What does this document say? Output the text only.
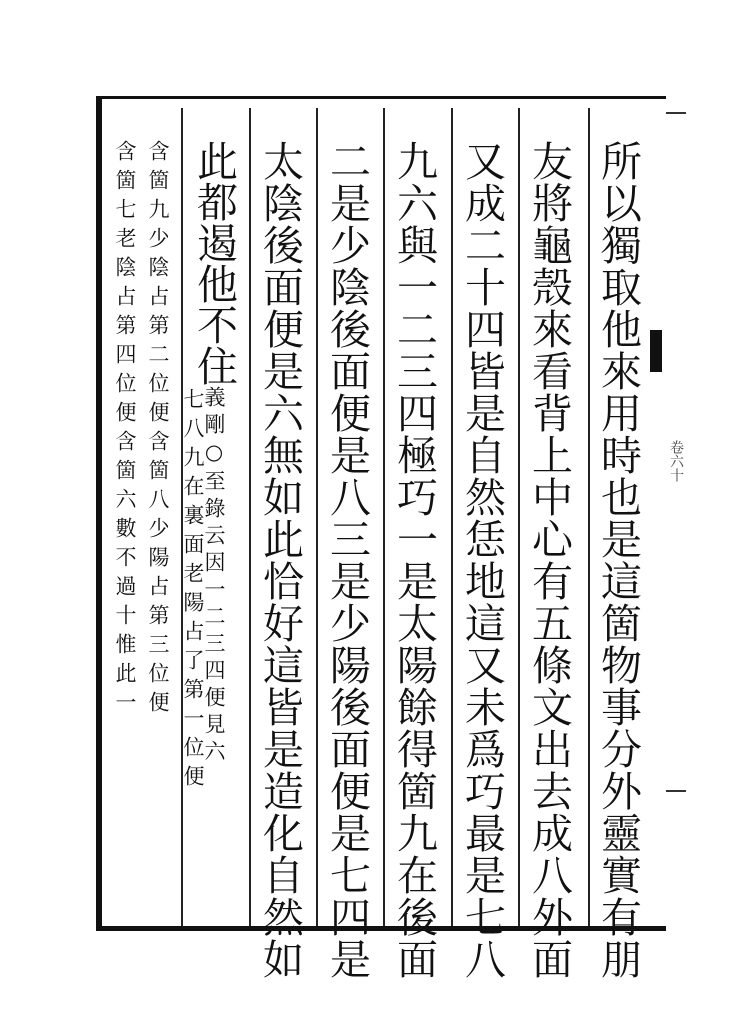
所以獨取他來用時也是這箇物事分外靈實有朋
友將龜殼來看背上中心有五條文出去成八外面
又成二十四皆是自然恁地這又未爲巧最是七八
九六與一二三四極巧一是太陽餘得箇九在後面
二是少陰後面便是八三是少陽後面便是七四是
太陰後面便是六無如此恰好這皆是造化自然如
此都遏他不住義剛○至錄云因一二三四便見六
七八九在裏面老陽占了第一位便
含箇九少陰占第二位便含箇八少陽占第三位便
含箇七老陰占第四位便含箇六數不過十惟此一	卷六十
